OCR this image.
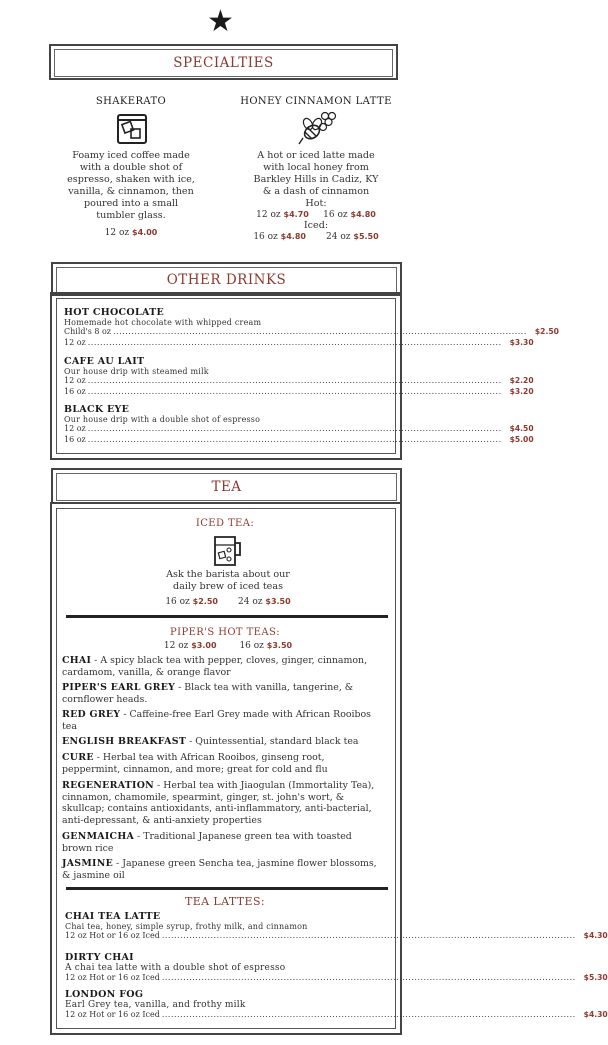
★
SPECIALTIES
SHAKERATO
Foamy iced coffee made
with a double shot of
espresso, shaken with ice,
vanilla, & cinnamon, then
poured into a small
tumbler glass.
12 oz $4.00
HONEY CINNAMON LATTE
A hot or iced latte made
with local honey from
Barkley Hills in Cadiz, KY
& a dash of cinnamon
Hot:
12 oz $4.70 16 oz $4.80
Iced:
16 oz $4.80 24 oz $5.50
OTHER DRINKS
HOT CHOCOLATE
Homemade hot chocolate with whipped cream
Child's 8 oz ........................................................................................................................................ $2.50
12 oz ........................................................................................................................................ $3.30
CAFE AU LAIT
Our house drip with steamed milk
12 oz ........................................................................................................................................ $2.20
16 oz ........................................................................................................................................ $3.20
BLACK EYE
Our house drip with a double shot of espresso
12 oz ........................................................................................................................................ $4.50
16 oz ........................................................................................................................................ $5.00
TEA
ICED TEA:
Ask the barista about our
daily brew of iced teas
16 oz $2.50 24 oz $3.50
PIPER'S HOT TEAS:
12 oz $3.00	16 oz $3.50
CHAI - A spicy black tea with pepper, cloves, ginger, cinnamon, cardamom, vanilla, & orange flavor
PIPER'S EARL GREY - Black tea with vanilla, tangerine, & cornflower heads.
RED GREY - Caffeine-free Earl Grey made with African Rooibos tea
ENGLISH BREAKFAST - Quintessential, standard black tea
CURE - Herbal tea with African Rooibos, ginseng root, peppermint, cinnamon, and more; great for cold and flu
REGENERATION - Herbal tea with Jiaogulan (Immortality Tea), cinnamon, chamomile, spearmint, ginger, st. john's wort, & skullcap; contains antioxidants, anti-inflammatory, anti-bacterial, anti-depressant, & anti-anxiety properties
GENMAICHA - Traditional Japanese green tea with toasted brown rice
JASMINE - Japanese green Sencha tea, jasmine flower blossoms, & jasmine oil
TEA LATTES:
CHAI TEA LATTE
Chai tea, honey, simple syrup, frothy milk, and cinnamon
12 oz Hot or 16 oz Iced ........................................................................................................................................ $4.30
DIRTY CHAI
A chai tea latte with a double shot of espresso
12 oz Hot or 16 oz Iced ........................................................................................................................................ $5.30
LONDON FOG
Earl Grey tea, vanilla, and frothy milk
12 oz Hot or 16 oz Iced ........................................................................................................................................ $4.30
